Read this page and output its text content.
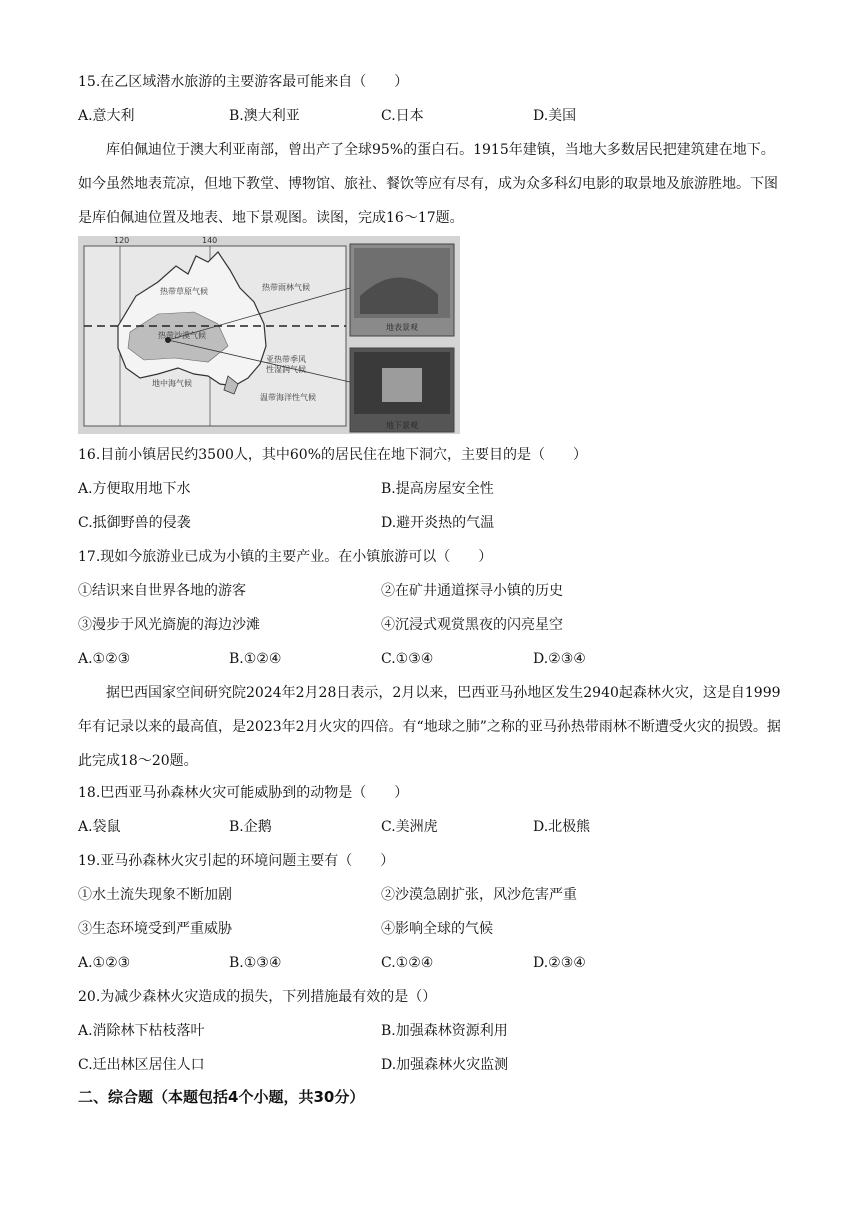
15.在乙区域潜水旅游的主要游客最可能来自（　　）
A.意大利	B.澳大利亚	C.日本	D.美国
库伯佩迪位于澳大利亚南部，曾出产了全球95%的蛋白石。1915年建镇，当地大多数居民把建筑建在地下。如今虽然地表荒凉，但地下教堂、博物馆、旅社、餐饮等应有尽有，成为众多科幻电影的取景地及旅游胜地。下图是库伯佩迪位置及地表、地下景观图。读图，完成16～17题。
120	140
热带草原气候	热带雨林气候
热带沙漠气候
亚热带季风
性湿润气候
地中海气候
温带海洋性气候
地表景观
地下景观
16.目前小镇居民约3500人，其中60%的居民住在地下洞穴，主要目的是（　　）
A.方便取用地下水	B.提高房屋安全性
C.抵御野兽的侵袭	D.避开炎热的气温
17.现如今旅游业已成为小镇的主要产业。在小镇旅游可以（　　）
①结识来自世界各地的游客	②在矿井通道探寻小镇的历史
③漫步于风光旖旎的海边沙滩	④沉浸式观赏黑夜的闪亮星空
A.①②③	B.①②④	C.①③④	D.②③④
据巴西国家空间研究院2024年2月28日表示，2月以来，巴西亚马孙地区发生2940起森林火灾，这是自1999年有记录以来的最高值，是2023年2月火灾的四倍。有“地球之肺”之称的亚马孙热带雨林不断遭受火灾的损毁。据此完成18～20题。
18.巴西亚马孙森林火灾可能威胁到的动物是（　　）
A.袋鼠	B.企鹅	C.美洲虎	D.北极熊
19.亚马孙森林火灾引起的环境问题主要有（　　）
①水土流失现象不断加剧	②沙漠急剧扩张，风沙危害严重
③生态环境受到严重威胁	④影响全球的气候
A.①②③	B.①③④	C.①②④	D.②③④
20.为减少森林火灾造成的损失，下列措施最有效的是（）
A.消除林下枯枝落叶	B.加强森林资源利用
C.迁出林区居住人口	D.加强森林火灾监测
二、综合题（本题包括4个小题，共30分）
